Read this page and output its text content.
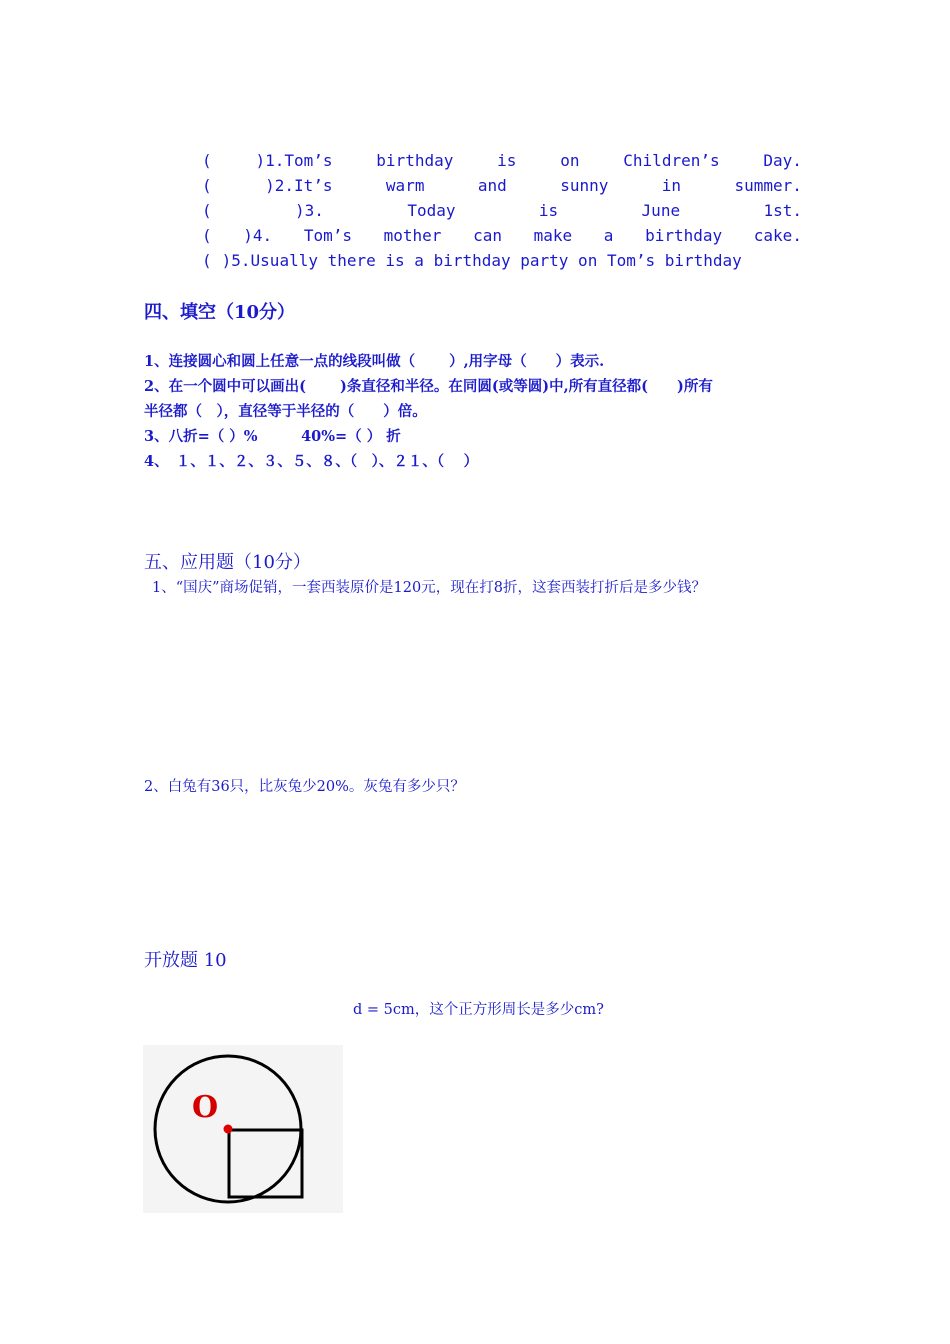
(	)1.Tom’s	birthday	is	on	Children’s	Day.
(	)2.It’s	warm	and	sunny	in	summer.
(	)3.	Today	is	June	1st.
( )4. Tom’s mother can make a birthday cake.
( )5.Usually there is a birthday party on Tom’s birthday
四、填空（10分）
1、连接圆心和圆上任意一点的线段叫做（　　 ）,用字母（　　）表示.
2、在一个圆中可以画出(　　 )条直径和半径。在同圆(或等圆)中,所有直径都(　　)所有
半径都（　），直径等于半径的（　　）倍。
3、八折=（ ）%　　　40%=（ ） 折
4、　１、１、２、３、５、８、（　）、２１、（　 ）
五、应用题（10分）
1、“国庆”商场促销，一套西装原价是120元，现在打8折，这套西装打折后是多少钱？
2、白兔有36只，比灰兔少20%。灰兔有多少只？
开放题 10
d = 5cm，这个正方形周长是多少cm?
O
